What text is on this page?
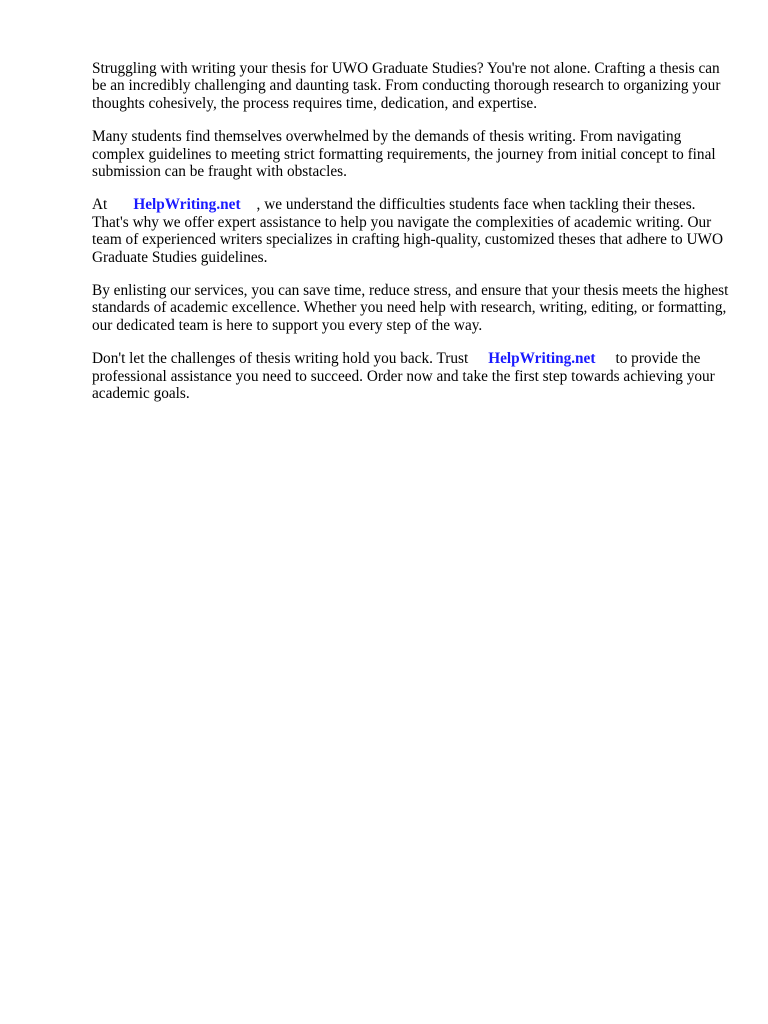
Struggling with writing your thesis for UWO Graduate Studies? You're not alone. Crafting a thesis can be an incredibly challenging and daunting task. From conducting thorough research to organizing your thoughts cohesively, the process requires time, dedication, and expertise.

Many students find themselves overwhelmed by the demands of thesis writing. From navigating complex guidelines to meeting strict formatting requirements, the journey from initial concept to final submission can be fraught with obstacles.

At HelpWriting.net , we understand the difficulties students face when tackling their theses. That's why we offer expert assistance to help you navigate the complexities of academic writing. Our team of experienced writers specializes in crafting high-quality, customized theses that adhere to UWO Graduate Studies guidelines.

By enlisting our services, you can save time, reduce stress, and ensure that your thesis meets the highest standards of academic excellence. Whether you need help with research, writing, editing, or formatting, our dedicated team is here to support you every step of the way.

Don't let the challenges of thesis writing hold you back. Trust HelpWriting.net to provide the professional assistance you need to succeed. Order now and take the first step towards achieving your academic goals.
